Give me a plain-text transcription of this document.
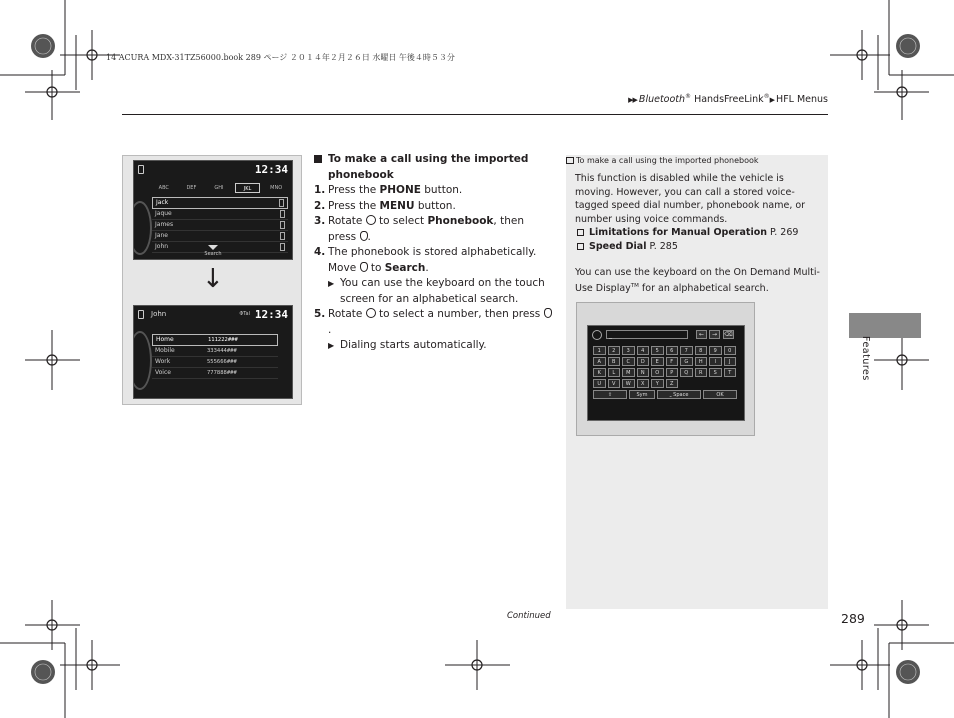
14 ACURA MDX-31TZ56000.book 289 ページ ２０１４年２月２６日 水曜日 午後４時５３分
▶▶ Bluetooth® HandsFreeLink®▶ HFL Menus
Features
12:34
ABC	DEF	GHI	JKL	MNO
Jack
Jaque
James
Jane
John
Search
↓
John	ΦTal 12:34
Home	111222###
Mobile	333444###
Work	555666###
Voice	777888###
To make a call using the imported phonebook
1. Press the PHONE button.
2. Press the MENU button.
3. Rotate  to select Phonebook, then press .
4. The phonebook is stored alphabetically. Move  to Search.
▶ You can use the keyboard on the touch screen for an alphabetical search.
5. Rotate  to select a number, then press .
▶ Dialing starts automatically.
To make a call using the imported phonebook

This function is disabled while the vehicle is moving. However, you can call a stored voice-tagged speed dial number, phonebook name, or number using voice commands.

Limitations for Manual Operation P. 269
Speed Dial P. 285

You can use the keyboard on the On Demand Multi-Use Display™ for an alphabetical search.

_	←	→	⌫
1	2	3	4	5	6	7	8	9	0
A	B	C	D	E	F	G	H	I	J
K	L	M	N	O	P	Q	R	S	T
U	V	W	X	Y	Z
⇧	Sym	⎵ Space	OK
Continued	289
